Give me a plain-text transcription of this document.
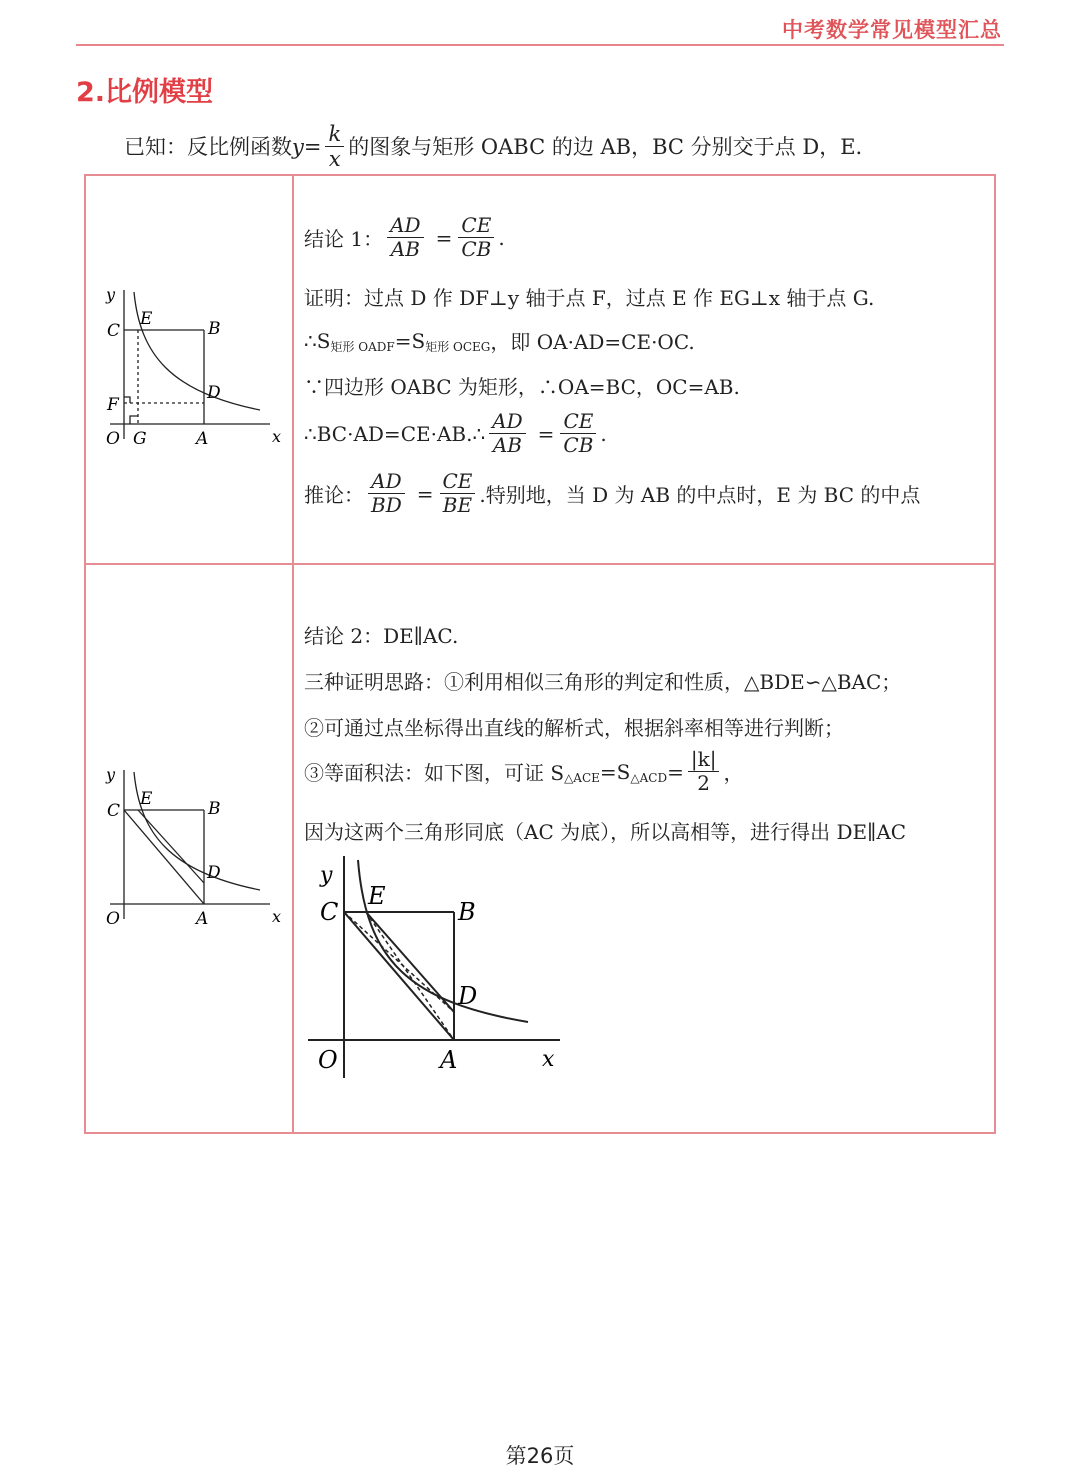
中考数学常见模型汇总
2.比例模型
已知：反比例函数 $y = \frac{k}{x}$ 的图象与矩形 OABC 的边 AB，BC 分别交于点 D，E.
y
C
E	B
D
F
O G	A	x
结论 1： $\frac{AD}{AB} = \frac{CE}{CB}$ .
证明：过点 D 作 DF⊥y 轴于点 F，过点 E 作 EG⊥x 轴于点 G.
∴S 矩形 OADF =S 矩形 OCEG ，即 OA·AD=CE·OC.
∵四边形 OABC 为矩形，∴OA=BC，OC=AB.
∴BC·AD=CE·AB.∴ $\frac{AD}{AB} = \frac{CE}{CB}$ .
推论： $\frac{AD}{BD} = \frac{CE}{BE}$ .特别地，当 D 为 AB 的中点时，E 为 BC 的中点
y
C
E	B
D
O	A	x
结论 2：DE∥AC.
三种证明思路：①利用相似三角形的判定和性质，△BDE∽△BAC；
②可通过点坐标得出直线的解析式，根据斜率相等进行判断；
③等面积法：如下图，可证 S △ACE =S △ACD = $\frac{|k|}{2}$ ，
因为这两个三角形同底（AC 为底），所以高相等，进行得出 DE∥AC
y
C
E
B
D
O	A	x
第26页
